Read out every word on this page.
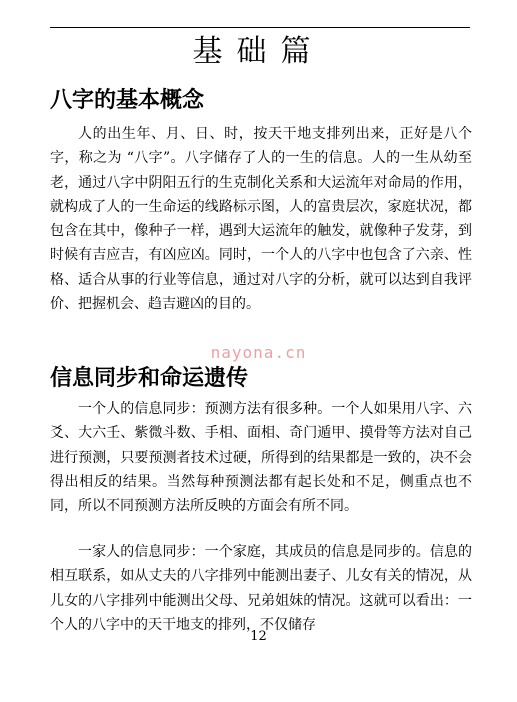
基础篇
八字的基本概念

人的出生年、月、日、时，按天干地支排列出来，正好是八个字，称之为 “八字”。八字储存了人的一生的信息。人的一生从幼至老，通过八字中阴阳五行的生克制化关系和大运流年对命局的作用，就构成了人的一生命运的线路标示图，人的富贵层次，家庭状况，都包含在其中，像种子一样，遇到大运流年的触发，就像种子发芽，到时候有吉应吉，有凶应凶。同时，一个人的八字中也包含了六亲、性格、适合从事的行业等信息，通过对八字的分析，就可以达到自我评价、把握机会、趋吉避凶的目的。

nayona.cn
信息同步和命运遗传

一个人的信息同步：预测方法有很多种。一个人如果用八字、六爻、大六壬、紫微斗数、手相、面相、奇门遁甲、摸骨等方法对自己进行预测，只要预测者技术过硬，所得到的结果都是一致的，决不会得出相反的结果。当然每种预测法都有起长处和不足，侧重点也不同，所以不同预测方法所反映的方面会有所不同。

一家人的信息同步：一个家庭，其成员的信息是同步的。信息的相互联系，如从丈夫的八字排列中能测出妻子、儿女有关的情况，从儿女的八字排列中能测出父母、兄弟姐妹的情况。这就可以看出：一个人的八字中的天干地支的排列，不仅储存

12
